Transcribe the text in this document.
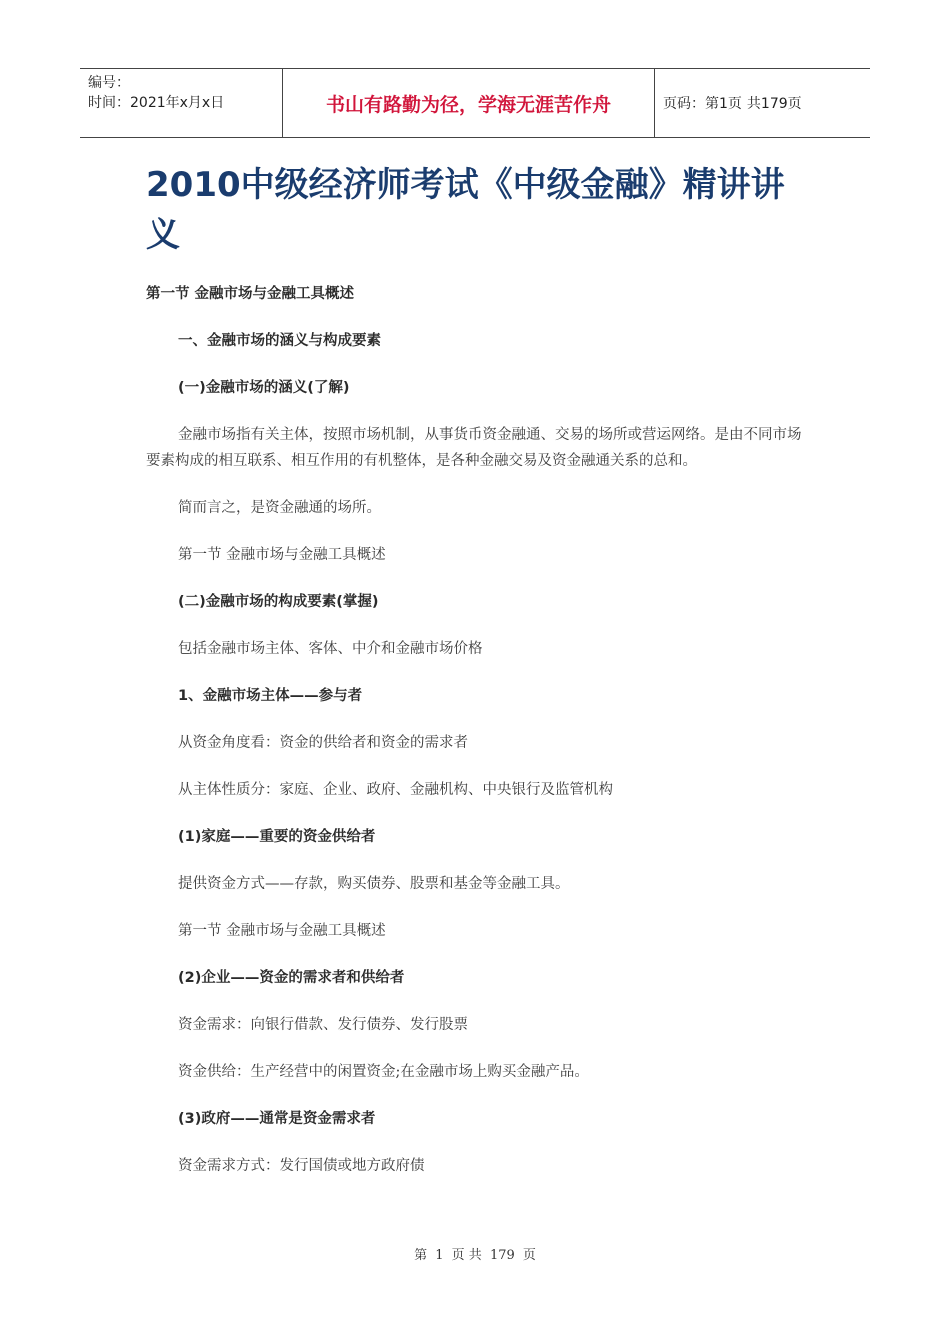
编号：
时间：2021年x月x日	书山有路勤为径，学海无涯苦作舟	页码：第1页 共179页
2010中级经济师考试《中级金融》精讲讲义

第一节 金融市场与金融工具概述

一、金融市场的涵义与构成要素

(一)金融市场的涵义(了解)

金融市场指有关主体，按照市场机制，从事货币资金融通、交易的场所或营运网络。是由不同市场要素构成的相互联系、相互作用的有机整体，是各种金融交易及资金融通关系的总和。

简而言之，是资金融通的场所。

第一节 金融市场与金融工具概述

(二)金融市场的构成要素(掌握)

包括金融市场主体、客体、中介和金融市场价格

1、金融市场主体——参与者

从资金角度看：资金的供给者和资金的需求者

从主体性质分：家庭、企业、政府、金融机构、中央银行及监管机构

(1)家庭——重要的资金供给者

提供资金方式——存款，购买债券、股票和基金等金融工具。

第一节 金融市场与金融工具概述

(2)企业——资金的需求者和供给者

资金需求：向银行借款、发行债券、发行股票

资金供给：生产经营中的闲置资金;在金融市场上购买金融产品。

(3)政府——通常是资金需求者

资金需求方式：发行国债或地方政府债

第 1 页 共 179 页
